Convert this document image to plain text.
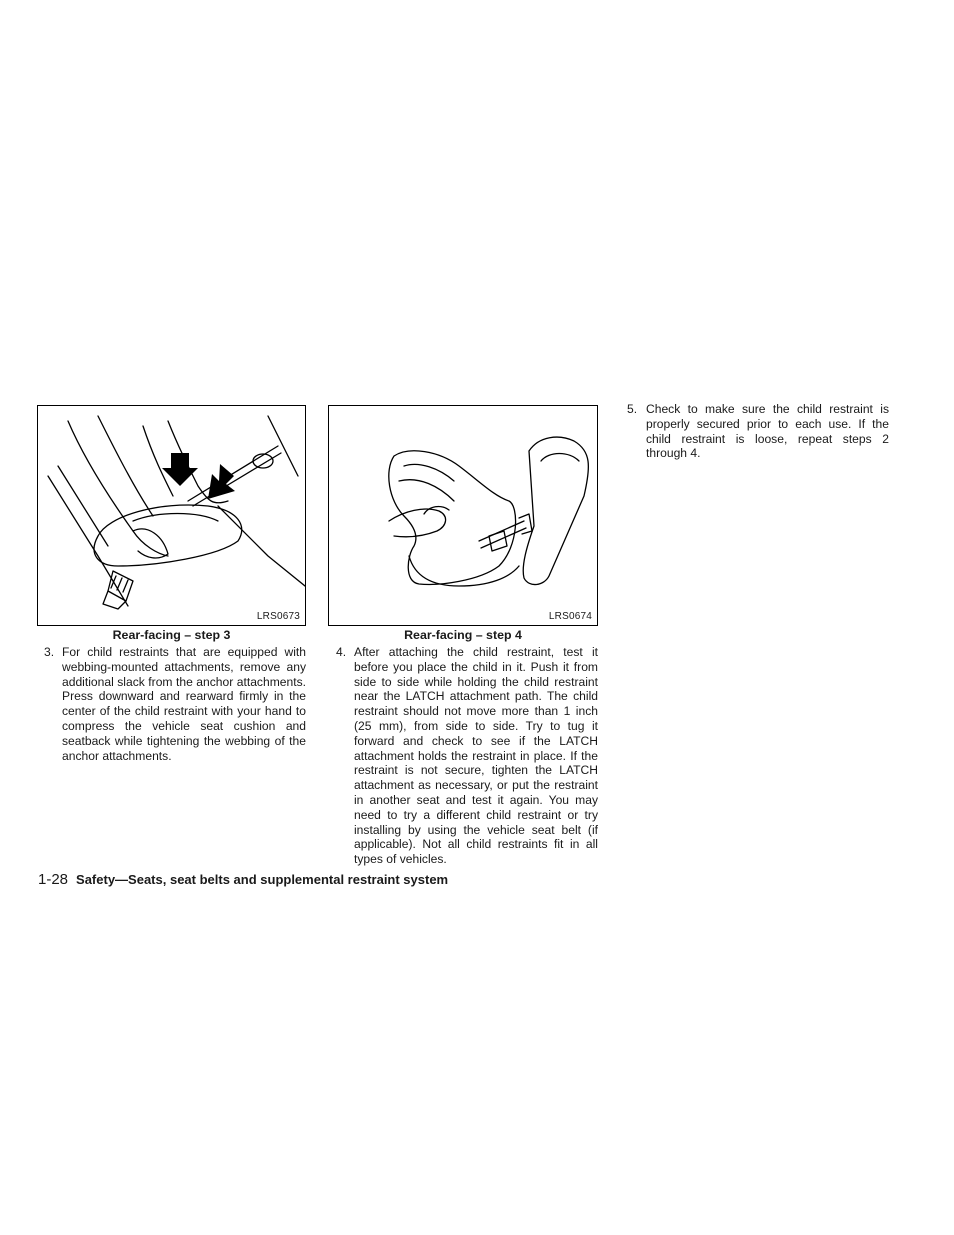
LRS0673
Rear-facing – step 3
LRS0674
Rear-facing – step 4
3. For child restraints that are equipped with webbing-mounted attachments, remove any additional slack from the anchor attachments. Press downward and rearward firmly in the center of the child restraint with your hand to compress the vehicle seat cushion and seatback while tightening the webbing of the anchor attachments.
4. After attaching the child restraint, test it before you place the child in it. Push it from side to side while holding the child restraint near the LATCH attachment path. The child restraint should not move more than 1 inch (25 mm), from side to side. Try to tug it forward and check to see if the LATCH attachment holds the restraint in place. If the restraint is not secure, tighten the LATCH attachment as necessary, or put the restraint in another seat and test it again. You may need to try a different child restraint or try installing by using the vehicle seat belt (if applicable). Not all child restraints fit in all types of vehicles.
5. Check to make sure the child restraint is properly secured prior to each use. If the child restraint is loose, repeat steps 2 through 4.
1-28 Safety—Seats, seat belts and supplemental restraint system
